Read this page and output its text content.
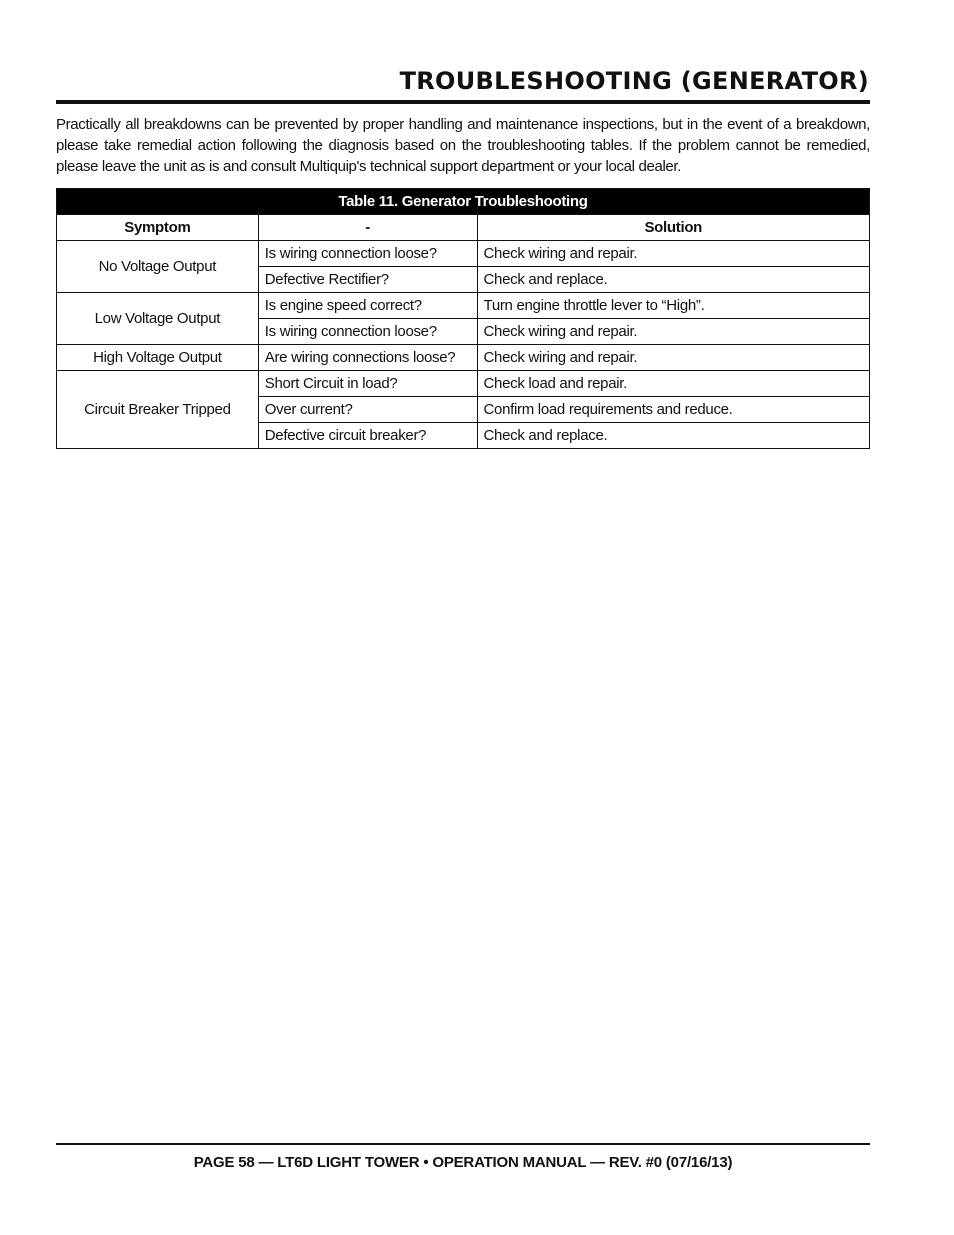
TROUBLESHOOTING (GENERATOR)

Practically all breakdowns can be prevented by proper handling and maintenance inspections, but in the event of a breakdown, please take remedial action following the diagnosis based on the troubleshooting tables. If the problem cannot be remedied, please leave the unit as is and consult Multiquip's technical support department or your local dealer.

Table 11. Generator Troubleshooting		
Symptom	-	Solution
No Voltage Output	Is wiring connection loose?	Check wiring and repair.
	Defective Rectifier?	Check and replace.
Low Voltage Output	Is engine speed correct?	Turn engine throttle lever to “High”.
	Is wiring connection loose?	Check wiring and repair.
High Voltage Output	Are wiring connections loose?	Check wiring and repair.
Circuit Breaker Tripped	Short Circuit in load?	Check load and repair.
	Over current?	Confirm load requirements and reduce.
	Defective circuit breaker?	Check and replace.

PAGE 58 — LT6D LIGHT TOWER • OPERATION MANUAL — REV. #0 (07/16/13)
